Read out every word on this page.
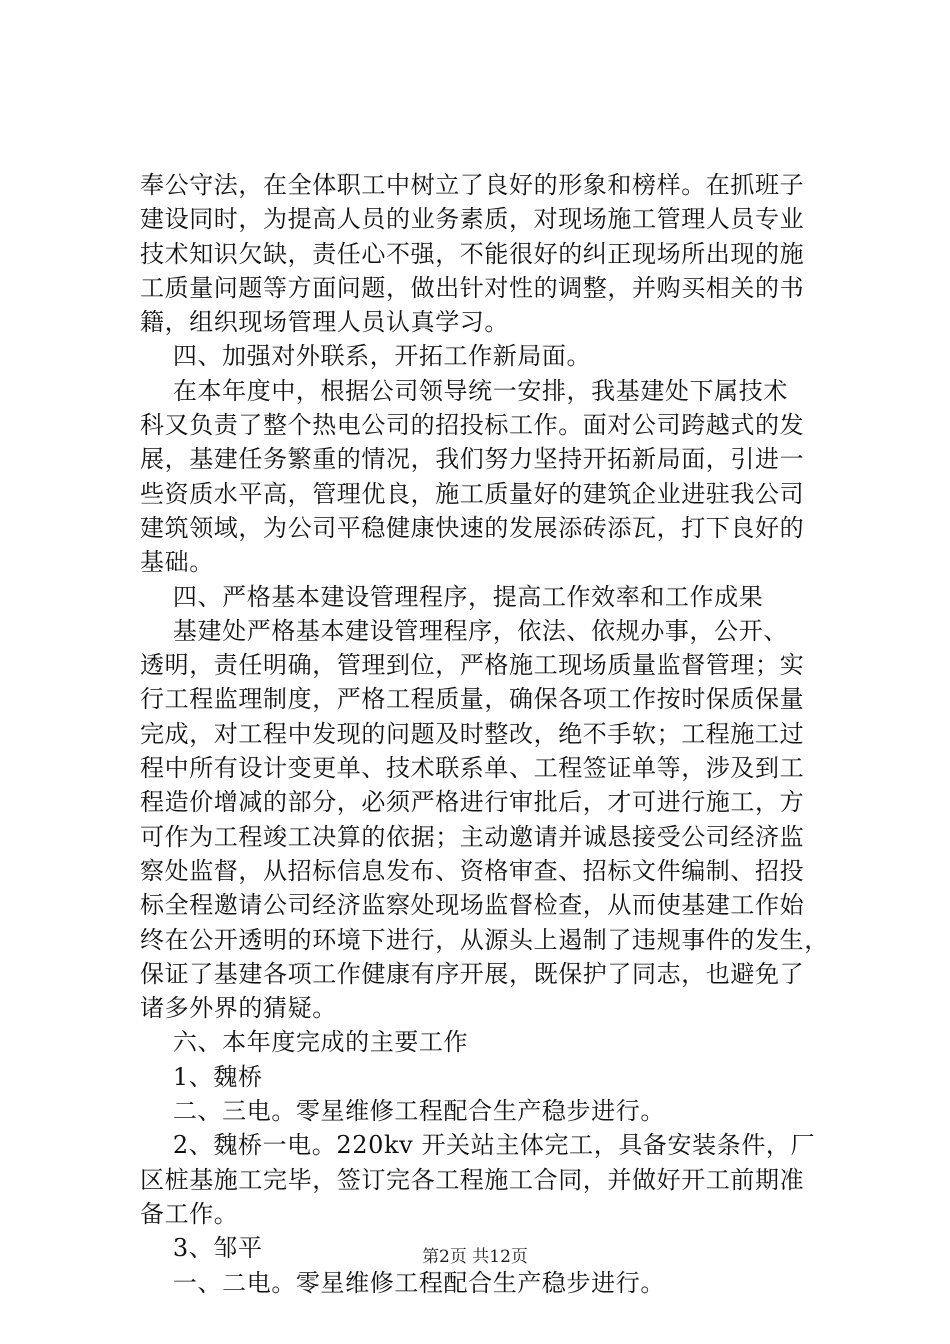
奉公守法，在全体职工中树立了良好的形象和榜样。在抓班子
建设同时，为提高人员的业务素质，对现场施工管理人员专业
技术知识欠缺，责任心不强，不能很好的纠正现场所出现的施
工质量问题等方面问题，做出针对性的调整，并购买相关的书
籍，组织现场管理人员认真学习。
四、加强对外联系，开拓工作新局面。
在本年度中，根据公司领导统一安排，我基建处下属技术
科又负责了整个热电公司的招投标工作。面对公司跨越式的发
展，基建任务繁重的情况，我们努力坚持开拓新局面，引进一
些资质水平高，管理优良，施工质量好的建筑企业进驻我公司
建筑领域，为公司平稳健康快速的发展添砖添瓦，打下良好的
基础。
四、严格基本建设管理程序，提高工作效率和工作成果
基建处严格基本建设管理程序，依法、依规办事，公开、
透明，责任明确，管理到位，严格施工现场质量监督管理；实
行工程监理制度，严格工程质量，确保各项工作按时保质保量
完成，对工程中发现的问题及时整改，绝不手软；工程施工过
程中所有设计变更单、技术联系单、工程签证单等，涉及到工
程造价增减的部分，必须严格进行审批后，才可进行施工，方
可作为工程竣工决算的依据；主动邀请并诚恳接受公司经济监
察处监督，从招标信息发布、资格审查、招标文件编制、招投
标全程邀请公司经济监察处现场监督检查，从而使基建工作始
终在公开透明的环境下进行，从源头上遏制了违规事件的发生，
保证了基建各项工作健康有序开展，既保护了同志，也避免了
诸多外界的猜疑。
六、本年度完成的主要工作
1、魏桥
二、三电。零星维修工程配合生产稳步进行。
2、魏桥一电。220kv 开关站主体完工，具备安装条件，厂
区桩基施工完毕，签订完各工程施工合同，并做好开工前期准
备工作。
3、邹平
一、二电。零星维修工程配合生产稳步进行。
第2页 共12页
